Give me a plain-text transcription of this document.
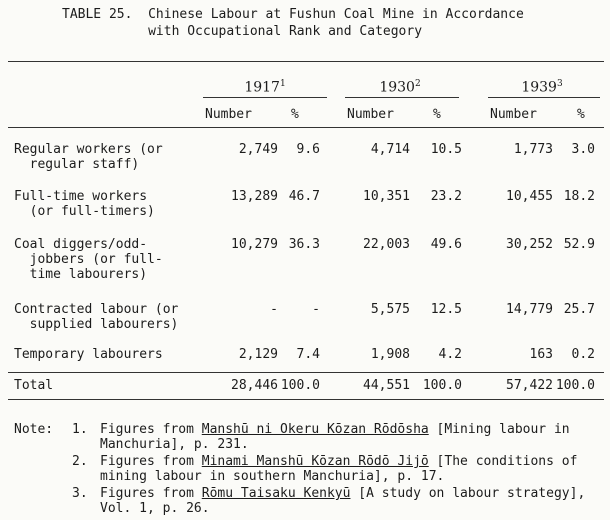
TABLE 25.  Chinese Labour at Fushun Coal Mine in Accordance
with Occupational Rank and Category
1917$^1$	1930$^2$	1939$^3$
Number	%	Number	%	Number	%
Regular workers (or
regular staff)
2,749	9.6	4,714	10.5	1,773	3.0
Full-time workers
(or full-timers)
13,289 46.7	10,351	23.2	10,455 18.2
Coal diggers/odd-
jobbers (or full-
time labourers)
10,279 36.3	22,003	49.6	30,252 52.9
Contracted labour (or
supplied labourers)
-	-	5,575	12.5	14,779 25.7
Temporary labourers	2,129	7.4	1,908	4.2	163	0.2
Total	28,446 100.0	44,551 100.0	57,422 100.0
Note: 1. Figures from Manshū ni Okeru Kōzan Rōdōsha [Mining labour in
Manchuria], p. 231.
2. Figures from Minami Manshū Kōzan Rōdō Jijō [The conditions of
mining labour in southern Manchuria], p. 17.
3. Figures from Rōmu Taisaku Kenkyū [A study on labour strategy],
Vol. 1, p. 26.
